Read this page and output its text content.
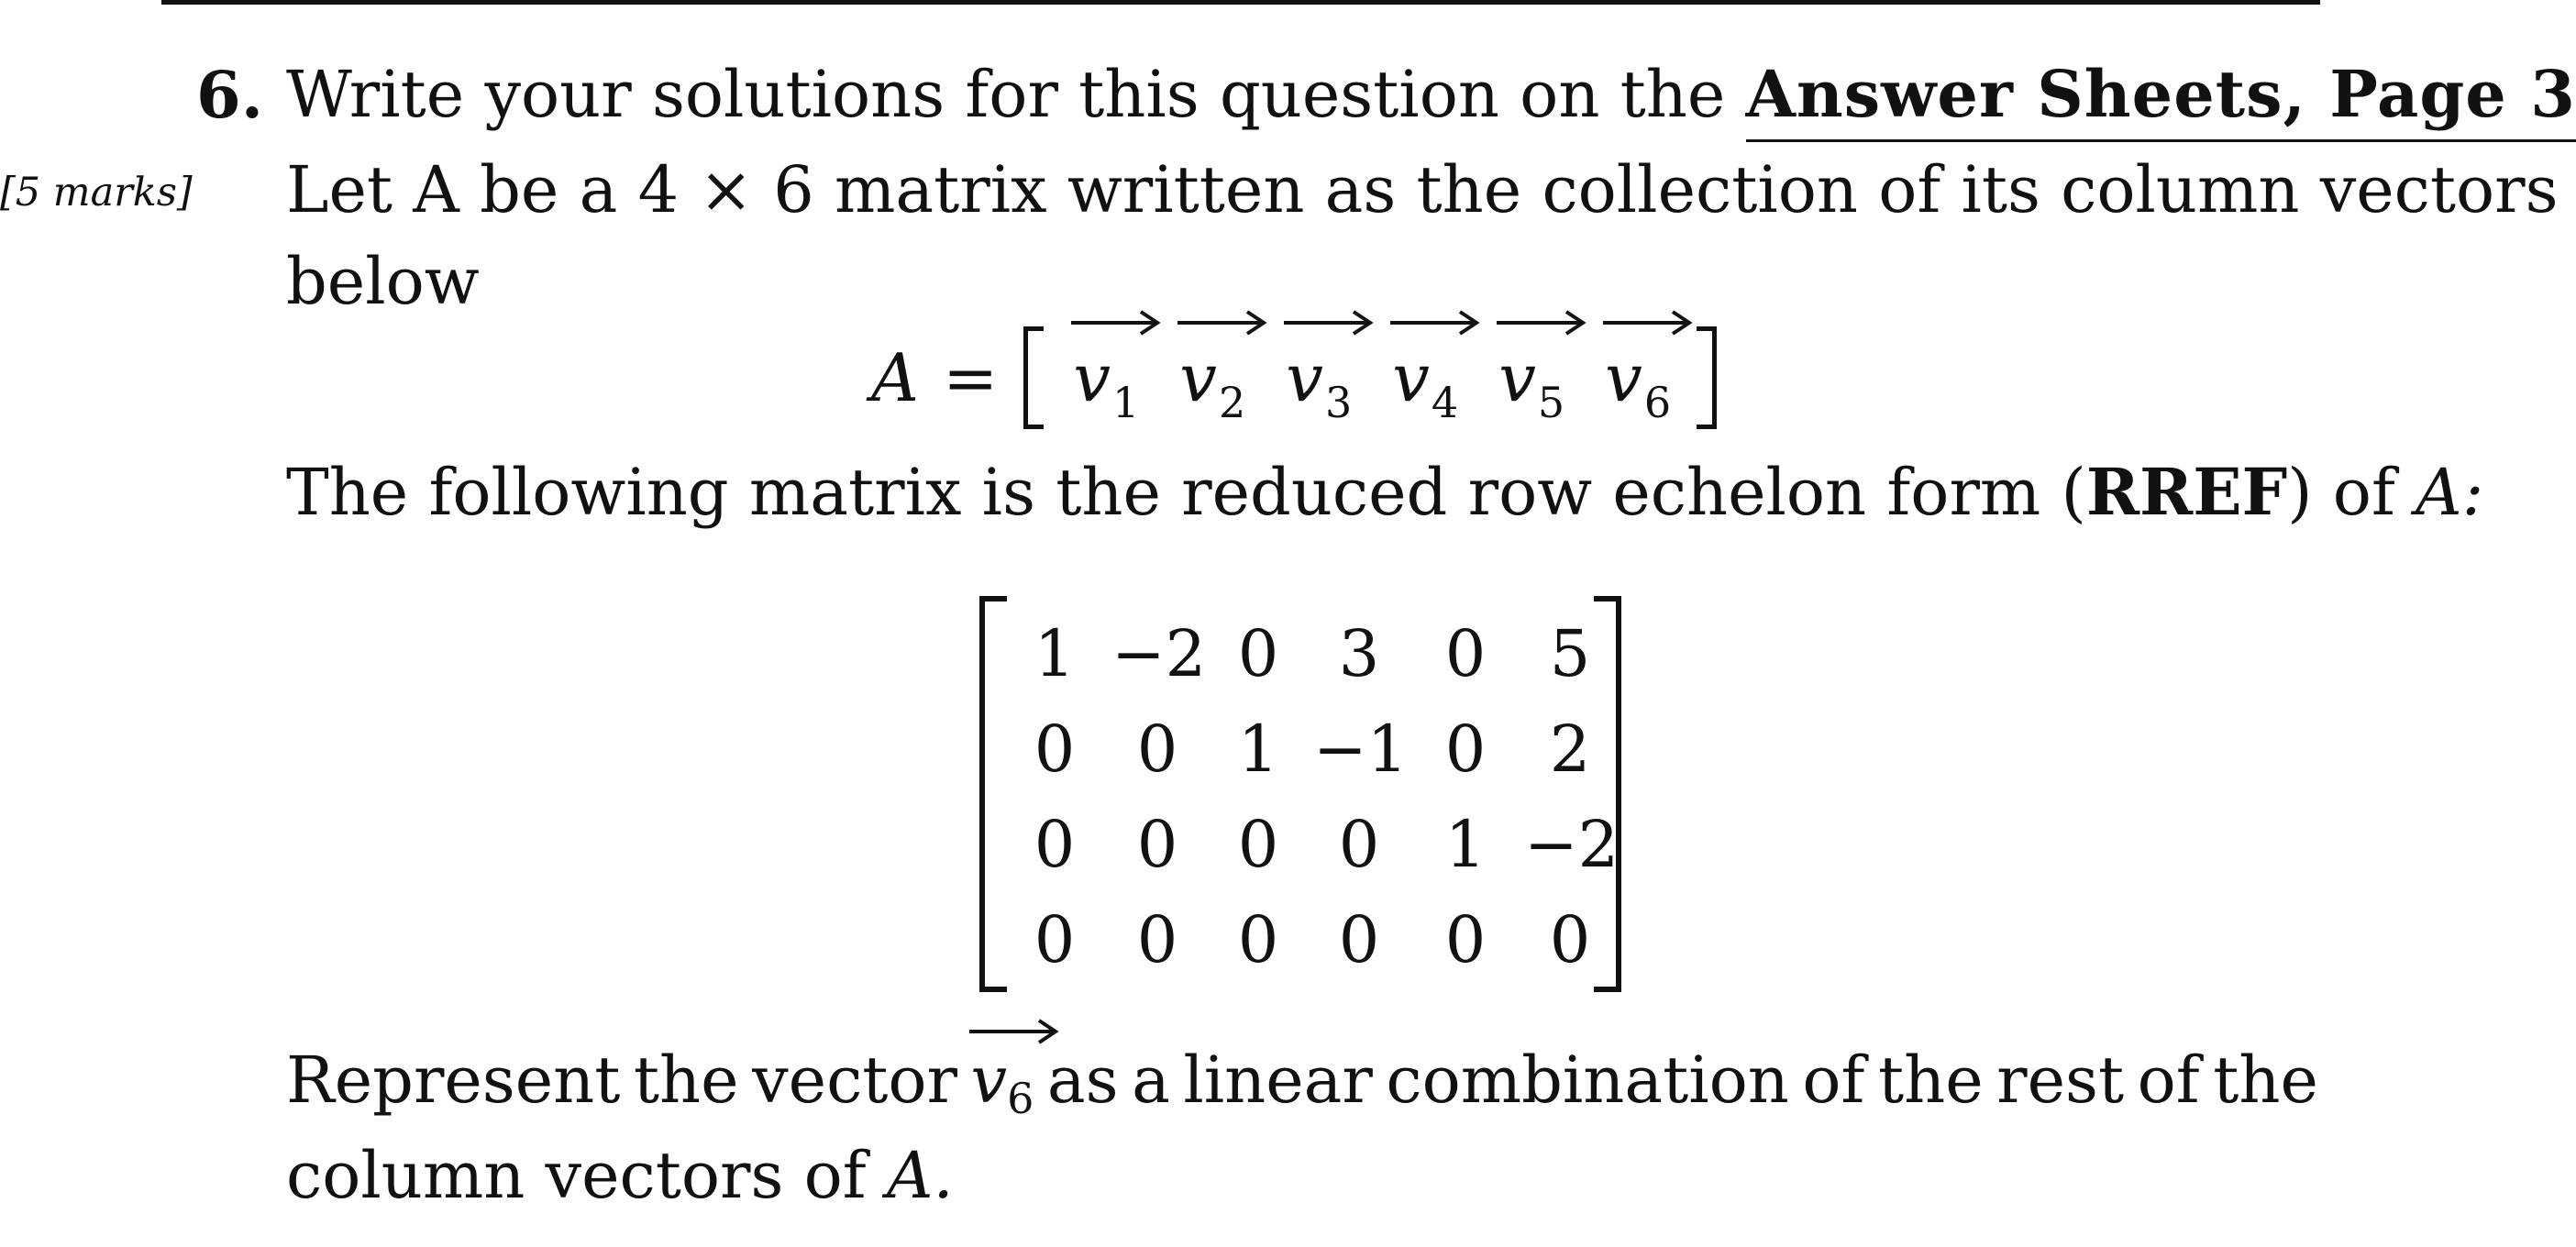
[5 marks]
6. Write your solutions for this question on the Answer Sheets, Page 3
Let A be a 4 × 6 matrix written as the collection of its column vectors
below
A = v 1 v 2 v 3 v 4 v 5 v 6
The following matrix is the reduced row echelon form (RREF) of A:
1 −2 0 3	0 5
0 0 1 −1 0 2
0 0 0 0	1 −2
0 0 0 0	0 0
Represent the vector v6 as a linear combination of the rest of the
column vectors of A.
